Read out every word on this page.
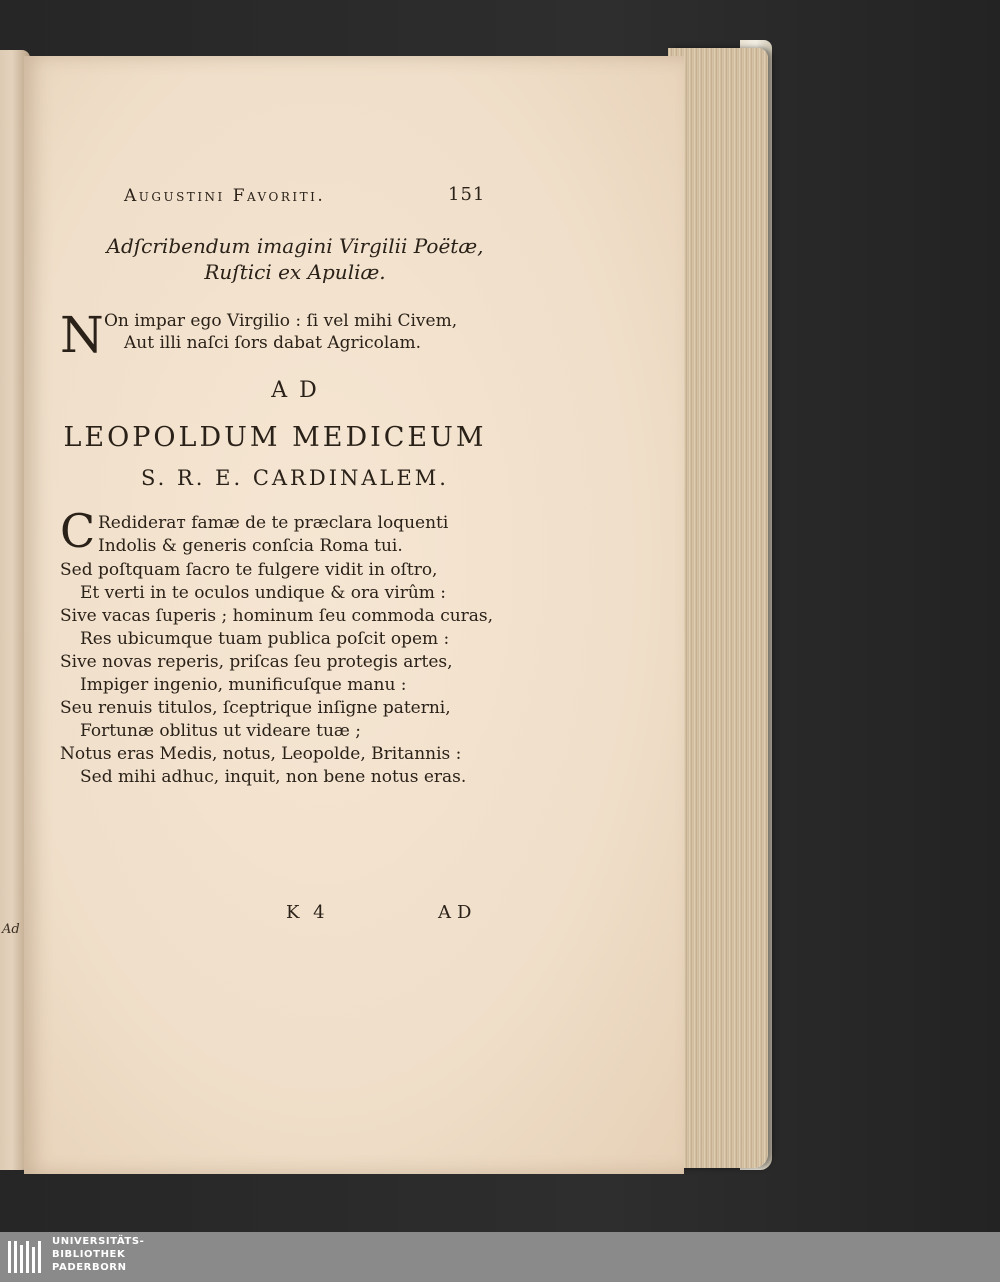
Ad
Augustini Favoriti.	151
Adſcribendum imagini Virgilii Poëtæ,
Ruſtici ex Apuliæ.
N On impar ego Virgilio : ſi vel mihi Civem,
Aut illi naſci ſors dabat Agricolam.
AD
LEOPOLDUM MEDICEUM
S. R. E. CARDINALEM.
C Redideraт famæ de te præclara loquenti
Indolis & generis conſcia Roma tui.
Sed poſtquam ſacro te fulgere vidit in oſtro,
Et verti in te oculos undique & ora virûm :
Sive vacas ſuperis ; hominum ſeu commoda curas,
Res ubicumque tuam publica poſcit opem :
Sive novas reperis, priſcas ſeu protegis artes,
Impiger ingenio, munificuſque manu :
Seu renuis titulos, ſceptrique inſigne paterni,
Fortunæ oblitus ut videare tuæ ;
Notus eras Medis, notus, Leopolde, Britannis :
Sed mihi adhuc, inquit, non bene notus eras.
K 4	AD
UNIVERSITÄTS-
BIBLIOTHEK
PADERBORN
